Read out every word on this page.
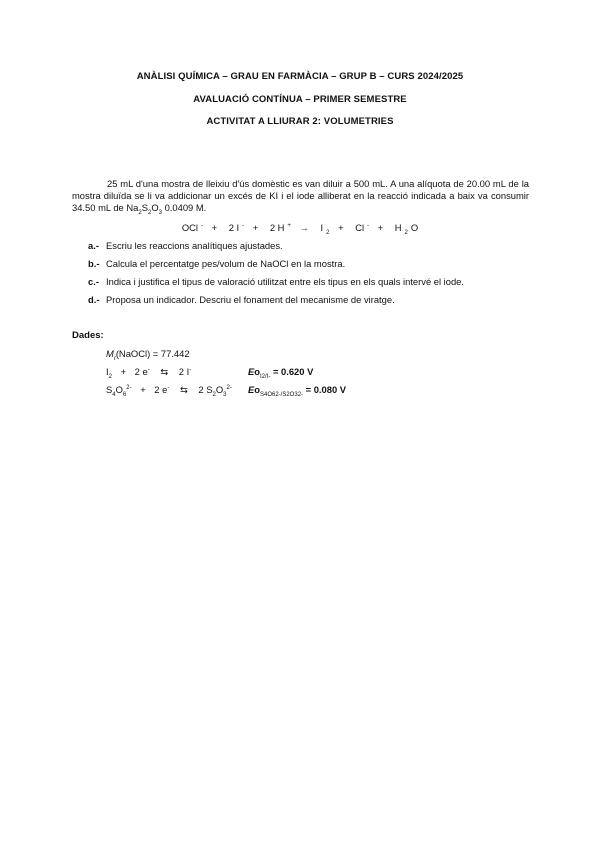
ANÀLISI QUÍMICA – GRAU EN FARMÀCIA – GRUP B – CURS 2024/2025
AVALUACIÓ CONTÍNUA – PRIMER SEMESTRE
ACTIVITAT A LLIURAR 2: VOLUMETRIES
25 mL d'una mostra de lleixiu d'ús domèstic es van diluir a 500 mL. A una alíquota de 20.00 mL de la mostra diluïda se li va addicionar un excés de KI i el iode alliberat en la reacció indicada a baix va consumir 34.50 mL de $Na_2S_2O_3$ 0.0409 M.
OCl - + 2 I - + 2 H + → I $_2$ + Cl - + H $_2$ O
a.- Escriu les reaccions analítiques ajustades.
b.- Calcula el percentatge pes/volum de NaOCl en la mostra.
c.- Indica i justifica el tipus de valoració utilitzat entre els tipus en els quals intervé el iode.
d.- Proposa un indicador. Descriu el fonament del mecanisme de viratge.
Dades:
$M_r(NaOCl) = 77.442$
$I_2 + 2$ e- ⇆ 2 I-	$Eo_{I2/I-} = 0.620$ V
$S_4O_6^{2-} + 2$ e- ⇆ 2 $S_2O_3^{2-}$ $Eo_{S4O62-/S2O32-} = 0.080$ V
